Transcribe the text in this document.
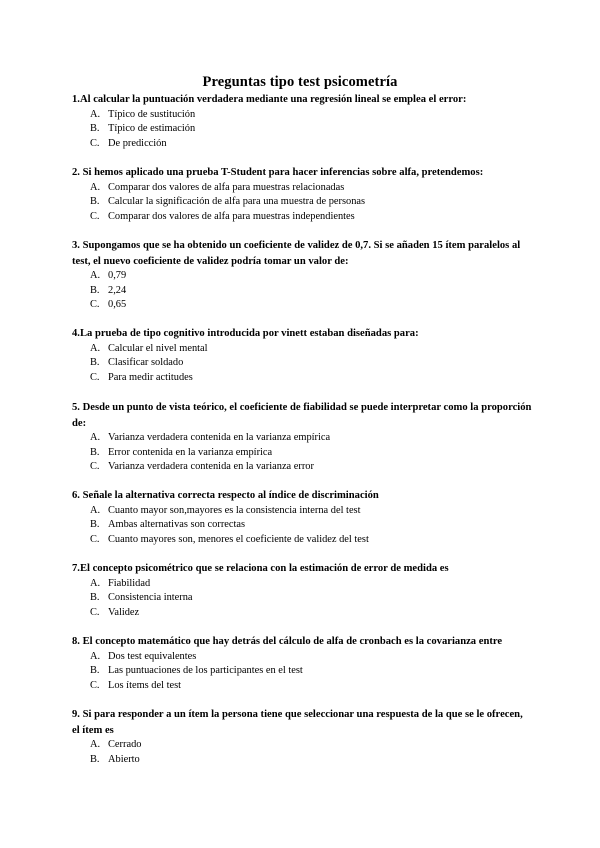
Preguntas tipo test psicometría

1.Al calcular la puntuación verdadera mediante una regresión lineal se emplea el error:

A. Típico de sustitución
B. Típico de estimación
C. De predicción

2. Si hemos aplicado una prueba T-Student para hacer inferencias sobre alfa, pretendemos:

A. Comparar dos valores de alfa para muestras relacionadas
B. Calcular la significación de alfa para una muestra de personas
C. Comparar dos valores de alfa para muestras independientes

3. Supongamos que se ha obtenido un coeficiente de validez de 0,7. Si se añaden 15 ítem paralelos al test, el nuevo coeficiente de validez podría tomar un valor de:

A. 0,79
B. 2,24
C. 0,65

4.La prueba de tipo cognitivo introducida por vinett estaban diseñadas para:

A. Calcular el nivel mental
B. Clasificar soldado
C. Para medir actitudes

5. Desde un punto de vista teórico, el coeficiente de fiabilidad se puede interpretar como la proporción de:

A. Varianza verdadera contenida en la varianza empírica
B. Error contenida en la varianza empírica
C. Varianza verdadera contenida en la varianza error

6. Señale la alternativa correcta respecto al índice de discriminación

A. Cuanto mayor son,mayores es la consistencia interna del test
B. Ambas alternativas son correctas
C. Cuanto mayores son, menores el coeficiente de validez del test

7.El concepto psicométrico que se relaciona con la estimación de error de medida es

A. Fiabilidad
B. Consistencia interna
C. Validez

8. El concepto matemático que hay detrás del cálculo de alfa de cronbach es la covarianza entre

A. Dos test equivalentes
B. Las puntuaciones de los participantes en el test
C. Los ítems del test

9. Si para responder a un ítem la persona tiene que seleccionar una respuesta de la que se le ofrecen, el ítem es

A. Cerrado
B. Abierto
